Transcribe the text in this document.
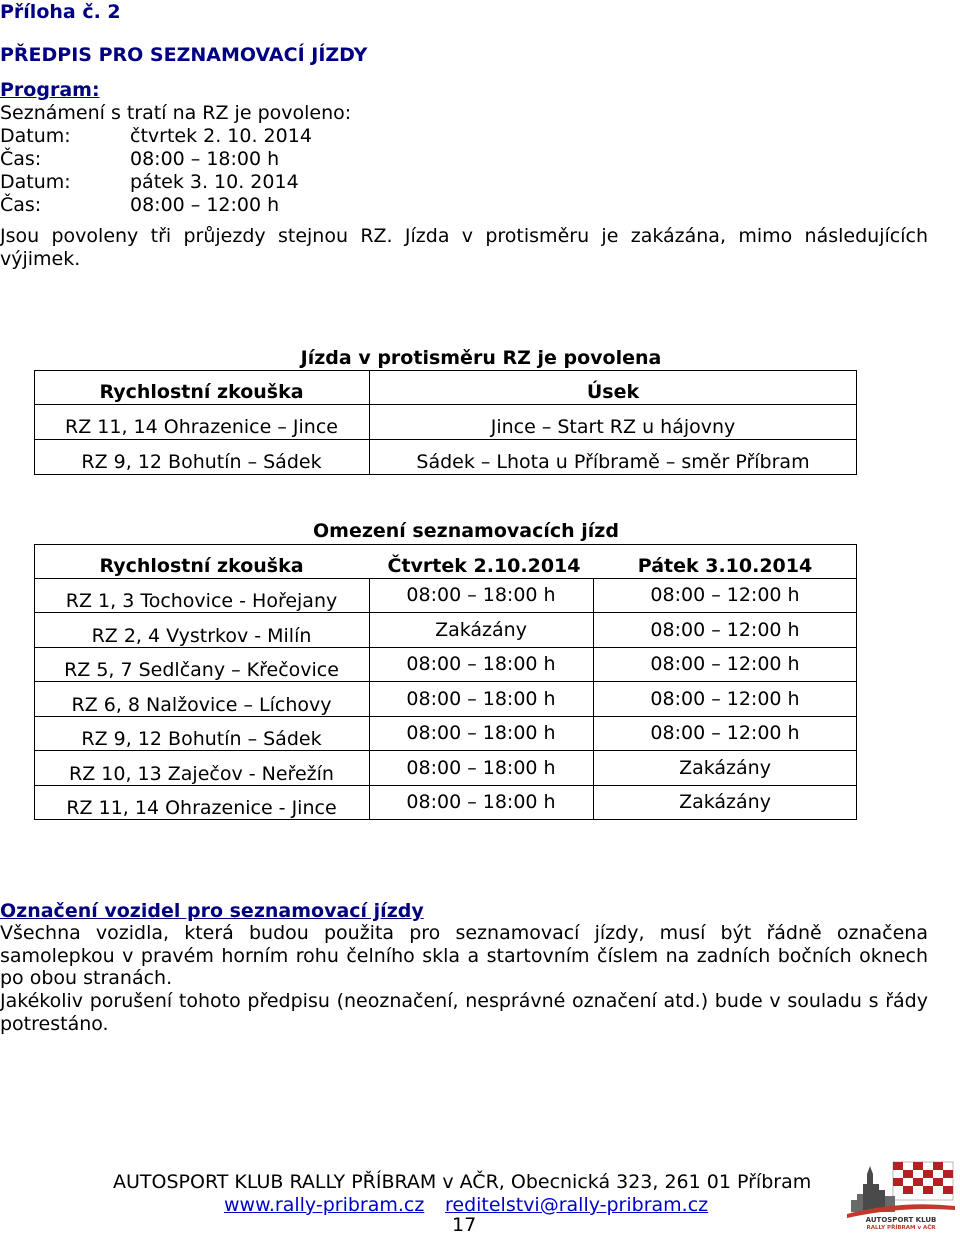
Příloha č. 2
PŘEDPIS PRO SEZNAMOVACÍ JÍZDY
Program:
Seznámení s tratí na RZ je povoleno:
Datum:	čtvrtek 2. 10. 2014
Čas:	08:00 – 18:00 h
Datum:	pátek 3. 10. 2014
Čas:	08:00 – 12:00 h
Jsou povoleny tři průjezdy stejnou RZ. Jízda v protisměru je zakázána, mimo následujících
výjimek.
Jízda v protisměru RZ je povolena
Rychlostní zkouška	Úsek
RZ 11, 14 Ohrazenice – Jince	Jince – Start RZ u hájovny
RZ 9, 12 Bohutín – Sádek	Sádek – Lhota u Příbramě – směr Příbram
Omezení seznamovacích jízd
Rychlostní zkouška	Čtvrtek 2.10.2014	Pátek 3.10.2014
RZ 1, 3 Tochovice - Hořejany	08:00 – 18:00 h	08:00 – 12:00 h
RZ 2, 4 Vystrkov - Milín	Zakázány	08:00 – 12:00 h
RZ 5, 7 Sedlčany – Křečovice	08:00 – 18:00 h	08:00 – 12:00 h
RZ 6, 8 Nalžovice – Líchovy	08:00 – 18:00 h	08:00 – 12:00 h
RZ 9, 12 Bohutín – Sádek	08:00 – 18:00 h	08:00 – 12:00 h
RZ 10, 13 Zaječov - Neřežín	08:00 – 18:00 h	Zakázány
RZ 11, 14 Ohrazenice - Jince	08:00 – 18:00 h	Zakázány
Označení vozidel pro seznamovací jízdy
Všechna vozidla, která budou použita pro seznamovací jízdy, musí být řádně označena samolepkou v pravém horním rohu čelního skla a startovním číslem na zadních bočních oknech po obou stranách.
Jakékoliv porušení tohoto předpisu (neoznačení, nesprávné označení atd.) bude v souladu s řády potrestáno.
AUTOSPORT KLUB RALLY PŘÍBRAM v AČR, Obecnická 323, 261 01 Příbram
www.rally-pribram.cz reditelstvi@rally-pribram.cz
17	AUTOSPORT KLUB
RALLY PŘÍBRAM v AČR
